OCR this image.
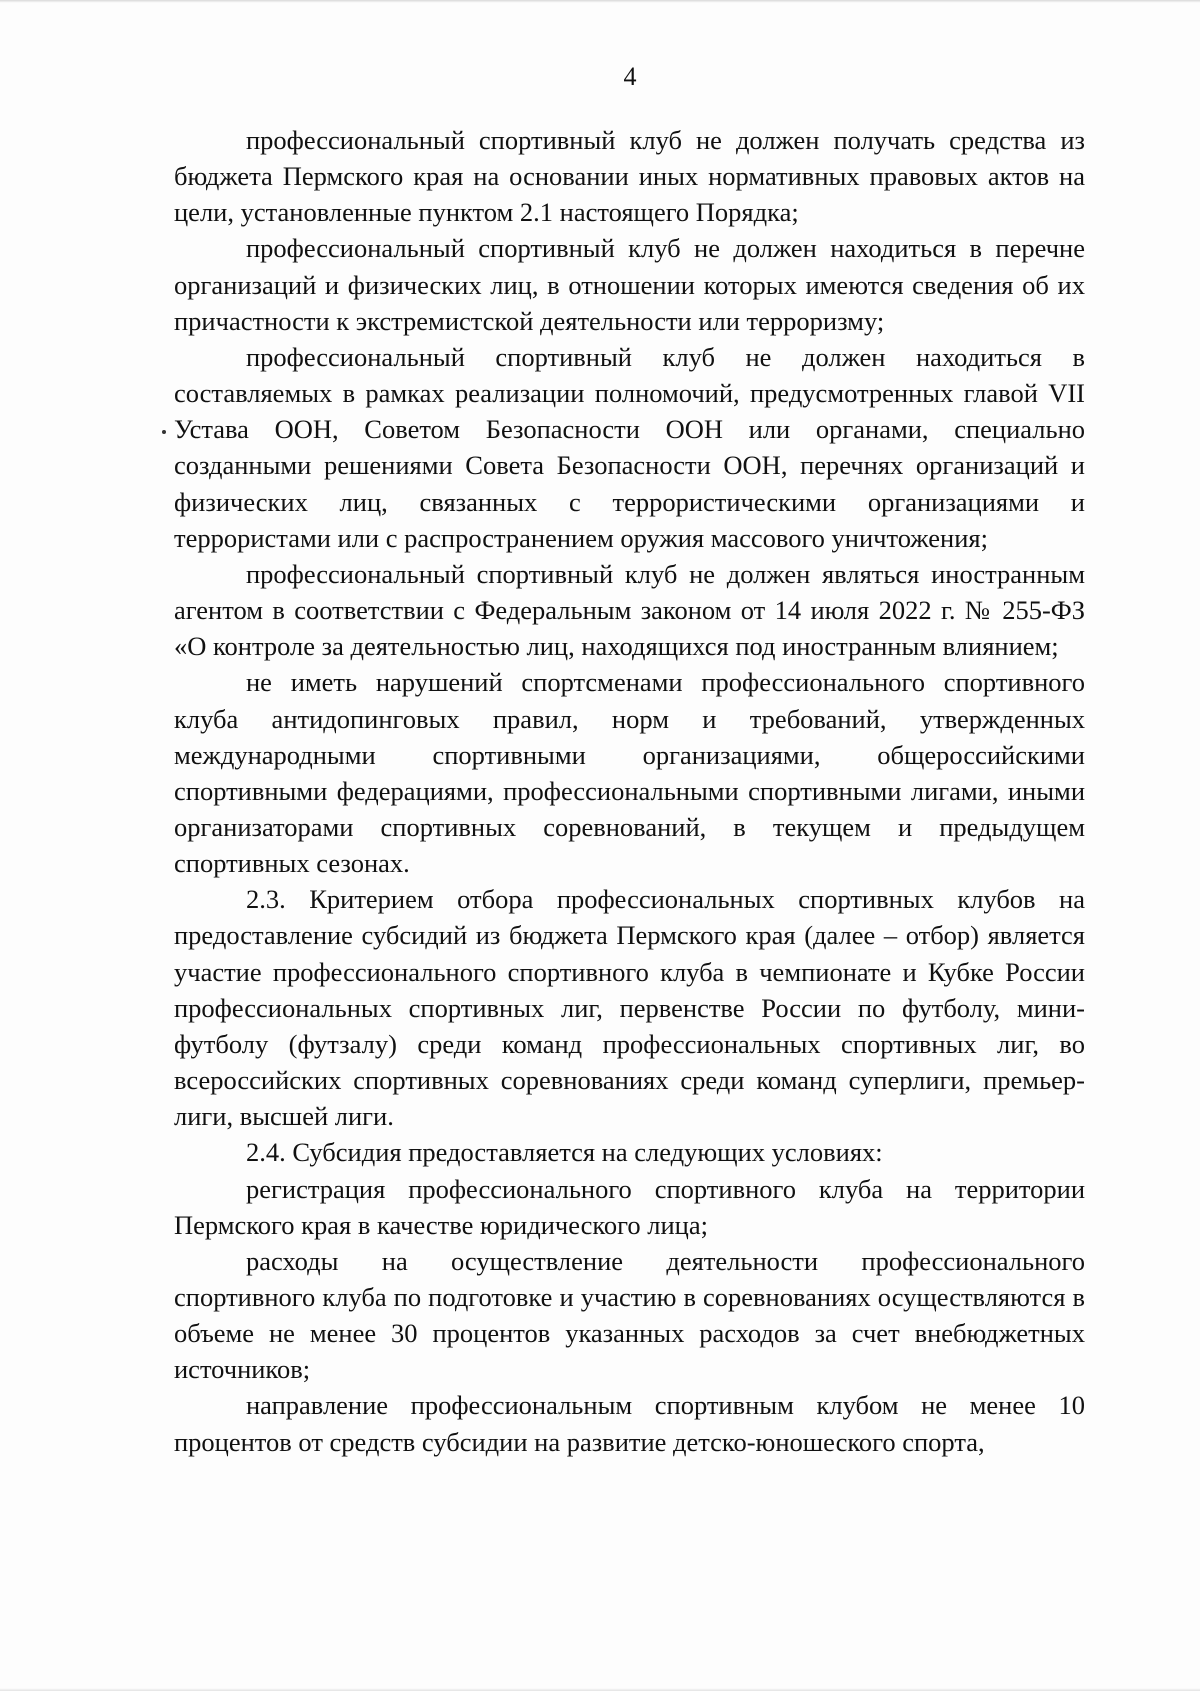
4

профессиональный спортивный клуб не должен получать средства из бюджета Пермского края на основании иных нормативных правовых актов на цели, установленные пунктом 2.1 настоящего Порядка;

профессиональный спортивный клуб не должен находиться в перечне организаций и физических лиц, в отношении которых имеются сведения об их причастности к экстремистской деятельности или терроризму;

профессиональный спортивный клуб не должен находиться в составляемых в рамках реализации полномочий, предусмотренных главой VII Устава ООН, Советом Безопасности ООН или органами, специально созданными решениями Совета Безопасности ООН, перечнях организаций и физических лиц, связанных с террористическими организациями и террористами или с распространением оружия массового уничтожения;

профессиональный спортивный клуб не должен являться иностранным агентом в соответствии с Федеральным законом от 14 июля 2022 г. № 255-ФЗ «О контроле за деятельностью лиц, находящихся под иностранным влиянием;

не иметь нарушений спортсменами профессионального спортивного клуба антидопинговых правил, норм и требований, утвержденных международными спортивными организациями, общероссийскими спортивными федерациями, профессиональными спортивными лигами, иными организаторами спортивных соревнований, в текущем и предыдущем спортивных сезонах.

2.3. Критерием отбора профессиональных спортивных клубов на предоставление субсидий из бюджета Пермского края (далее – отбор) является участие профессионального спортивного клуба в чемпионате и Кубке России профессиональных спортивных лиг, первенстве России по футболу, мини-футболу (футзалу) среди команд профессиональных спортивных лиг, во всероссийских спортивных соревнованиях среди команд суперлиги, премьер-лиги, высшей лиги.

2.4. Субсидия предоставляется на следующих условиях:

регистрация профессионального спортивного клуба на территории Пермского края в качестве юридического лица;

расходы на осуществление деятельности профессионального спортивного клуба по подготовке и участию в соревнованиях осуществляются в объеме не менее 30 процентов указанных расходов за счет внебюджетных источников;

направление профессиональным спортивным клубом не менее 10 процентов от средств субсидии на развитие детско-юношеского спорта,
